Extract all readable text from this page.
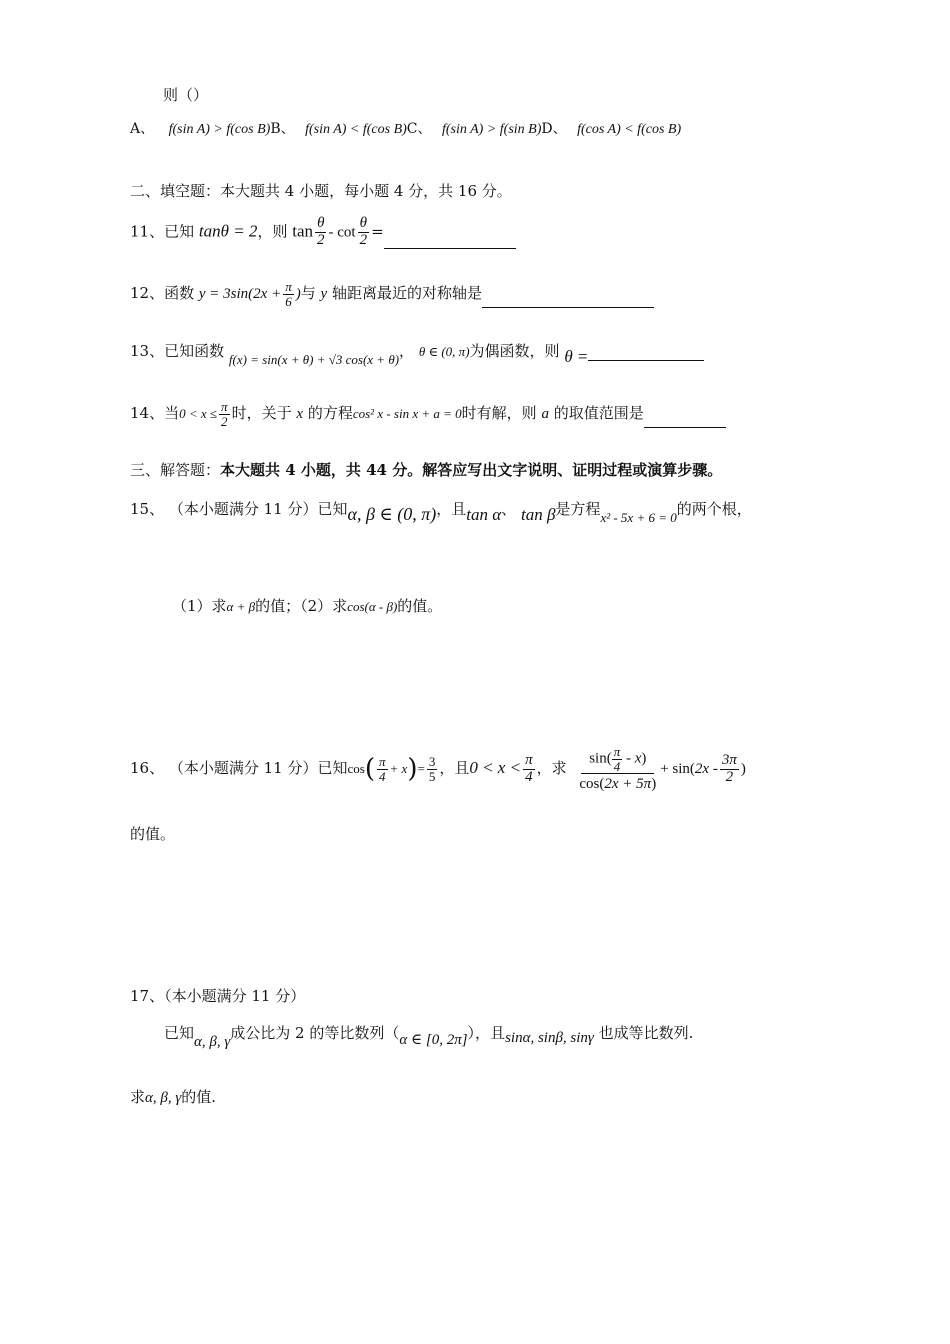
则（）
A、 f(sin A) > f(cos B)B、 f(sin A) < f(cos B)C、 f(sin A) > f(sin B)D、 f(cos A) < f(cos B)
二、填空题：本大题共 4 小题，每小题 4 分，共 16 分。
11、已知 tanθ = 2，则 $\tan \frac{\theta}{2}$ - $\cot \frac{\theta}{2}$ =
12、函数 $y = 3\sin(2x + \frac{\pi}{6}$ )与 y 轴距离最近的对称轴是
13、已知函数 f(x) = sin(x + θ) + √3 cos(x + θ)， θ ∈ (0, π)为偶函数，则 θ =
14、当$0 < x \le \frac{\pi}{2}$ 时，关于 x 的方程cos² x - sin x + a = 0时有解，则 a 的取值范围是
三、解答题：本大题共 4 小题，共 44 分。解答应写出文字说明、证明过程或演算步骤。
15、 （本小题满分 11 分）已知α, β ∈ (0, π)，且tan α、 tan β是方程x² - 5x + 6 = 0的两个根，
（1）求α + β的值；（2）求cos(α - β)的值。
16、 （本小题满分 11 分）已知$\cos( \frac{\pi}{4} + x)= \frac{3}{5}$ ，且$0 < x < \frac{\pi}{4}$ ，求 $\frac{\sin( \frac{\pi}{4} - x)}{\cos(2x + 5\pi)} + \sin(2x - \frac{3\pi}{2}$ )
的值。
17、（本小题满分 11 分）
已知α, β, γ成公比为 2 的等比数列（α ∈ [0, 2π]），且sinα, sinβ, sinγ 也成等比数列.
求α, β, γ的值.
